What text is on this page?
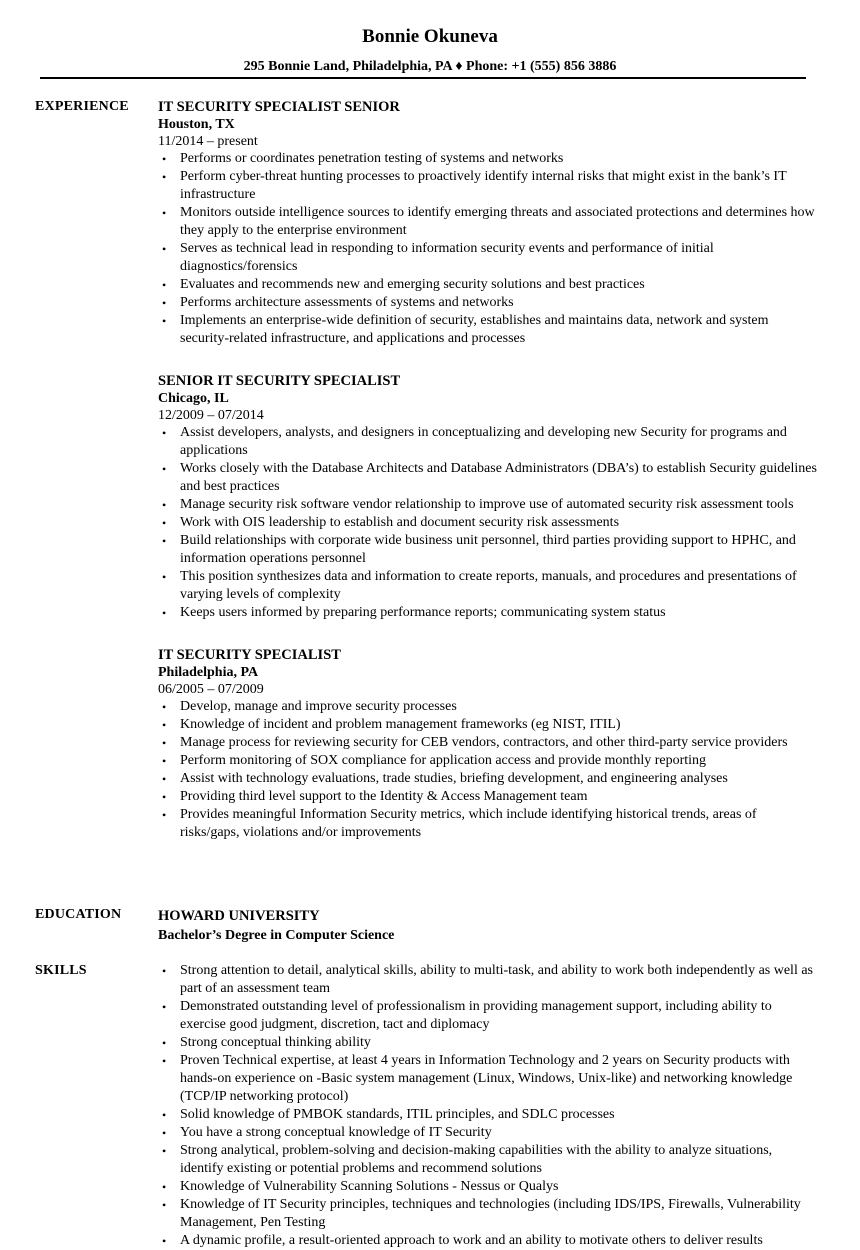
Bonnie Okuneva
295 Bonnie Land, Philadelphia, PA ♦ Phone: +1 (555) 856 3886
EXPERIENCE IT SECURITY SPECIALIST SENIOR
Houston, TX
11/2014 – present
• Performs or coordinates penetration testing of systems and networks
• Perform cyber-threat hunting processes to proactively identify internal risks that might exist in the bank’s IT infrastructure
• Monitors outside intelligence sources to identify emerging threats and associated protections and determines how they apply to the enterprise environment
• Serves as technical lead in responding to information security events and performance of initial diagnostics/forensics
• Evaluates and recommends new and emerging security solutions and best practices
• Performs architecture assessments of systems and networks
• Implements an enterprise-wide definition of security, establishes and maintains data, network and system security-related infrastructure, and applications and processes
SENIOR IT SECURITY SPECIALIST
Chicago, IL
12/2009 – 07/2014
• Assist developers, analysts, and designers in conceptualizing and developing new Security for programs and applications
• Works closely with the Database Architects and Database Administrators (DBA’s) to establish Security guidelines and best practices
• Manage security risk software vendor relationship to improve use of automated security risk assessment tools
• Work with OIS leadership to establish and document security risk assessments
• Build relationships with corporate wide business unit personnel, third parties providing support to HPHC, and information operations personnel
• This position synthesizes data and information to create reports, manuals, and procedures and presentations of varying levels of complexity
• Keeps users informed by preparing performance reports; communicating system status
IT SECURITY SPECIALIST
Philadelphia, PA
06/2005 – 07/2009
• Develop, manage and improve security processes
• Knowledge of incident and problem management frameworks (eg NIST, ITIL)
• Manage process for reviewing security for CEB vendors, contractors, and other third-party service providers
• Perform monitoring of SOX compliance for application access and provide monthly reporting
• Assist with technology evaluations, trade studies, briefing development, and engineering analyses
• Providing third level support to the Identity & Access Management team
• Provides meaningful Information Security metrics, which include identifying historical trends, areas of risks/gaps, violations and/or improvements
EDUCATION	HOWARD UNIVERSITY
Bachelor’s Degree in Computer Science
SKILLS	• Strong attention to detail, analytical skills, ability to multi-task, and ability to work both independently as well as part of an assessment team
• Demonstrated outstanding level of professionalism in providing management support, including ability to exercise good judgment, discretion, tact and diplomacy
• Strong conceptual thinking ability
• Proven Technical expertise, at least 4 years in Information Technology and 2 years on Security products with hands-on experience on -Basic system management (Linux, Windows, Unix-like) and networking knowledge (TCP/IP networking protocol)
• Solid knowledge of PMBOK standards, ITIL principles, and SDLC processes
• You have a strong conceptual knowledge of IT Security
• Strong analytical, problem-solving and decision-making capabilities with the ability to analyze situations, identify existing or potential problems and recommend solutions
• Knowledge of Vulnerability Scanning Solutions - Nessus or Qualys
• Knowledge of IT Security principles, techniques and technologies (including IDS/IPS, Firewalls, Vulnerability Management, Pen Testing
• A dynamic profile, a result-oriented approach to work and an ability to motivate others to deliver results
